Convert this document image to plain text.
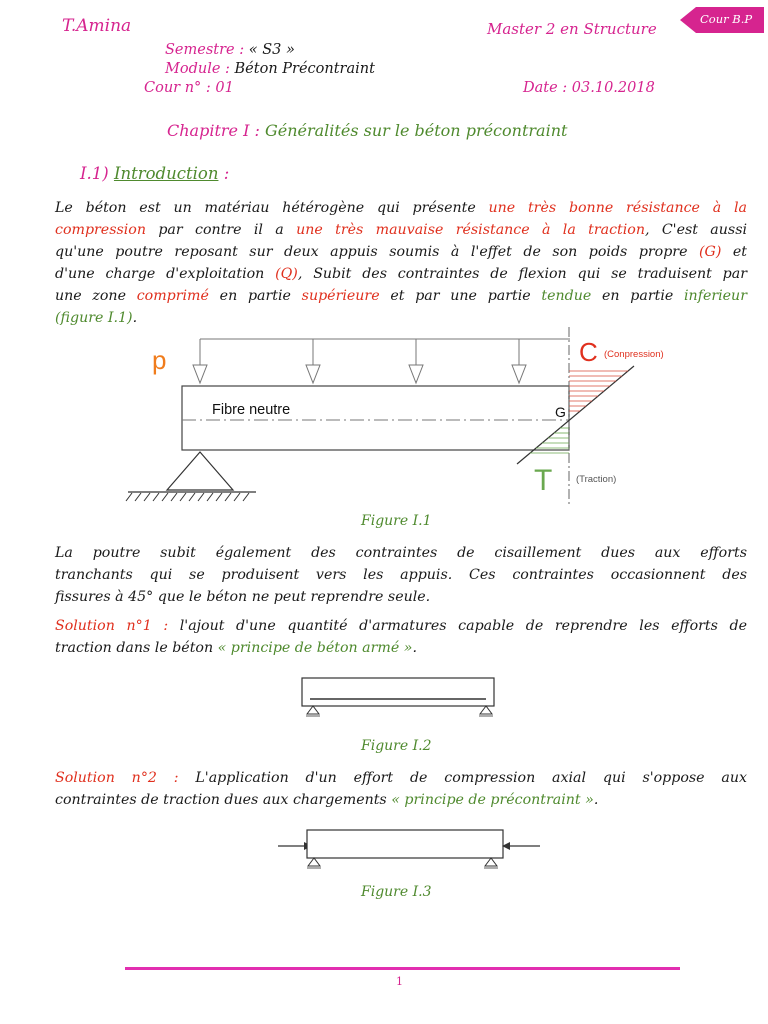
T.Amina	Master 2 en Structure
Cour B.P
Semestre : « S3 »
Module : Béton Précontraint
Cour n° : 01	Date : 03.10.2018
Chapitre I : Généralités sur le béton précontraint
I.1) Introduction :
Le béton est un matériau hétérogène qui présente une très bonne résistance à la
compression par contre il a une très mauvaise résistance à la traction, C'est aussi
qu'une poutre reposant sur deux appuis soumis à l'effet de son poids propre (G) et
d'une charge d'exploitation (Q), Subit des contraintes de flexion qui se traduisent par
une zone comprimé en partie supérieure et par une partie tendue en partie inferieur
(figure I.1).
p
Fibre neutre	G
C (Conpression)
T (Traction)
Figure I.1
La poutre subit également des contraintes de cisaillement dues aux efforts
tranchants qui se produisent vers les appuis. Ces contraintes occasionnent des
fissures à 45° que le béton ne peut reprendre seule.
Solution n°1 : l'ajout d'une quantité d'armatures capable de reprendre les efforts de
traction dans le béton « principe de béton armé ».
Figure I.2
Solution n°2 : L'application d'un effort de compression axial qui s'oppose aux
contraintes de traction dues aux chargements « principe de précontraint ».
Figure I.3
1
